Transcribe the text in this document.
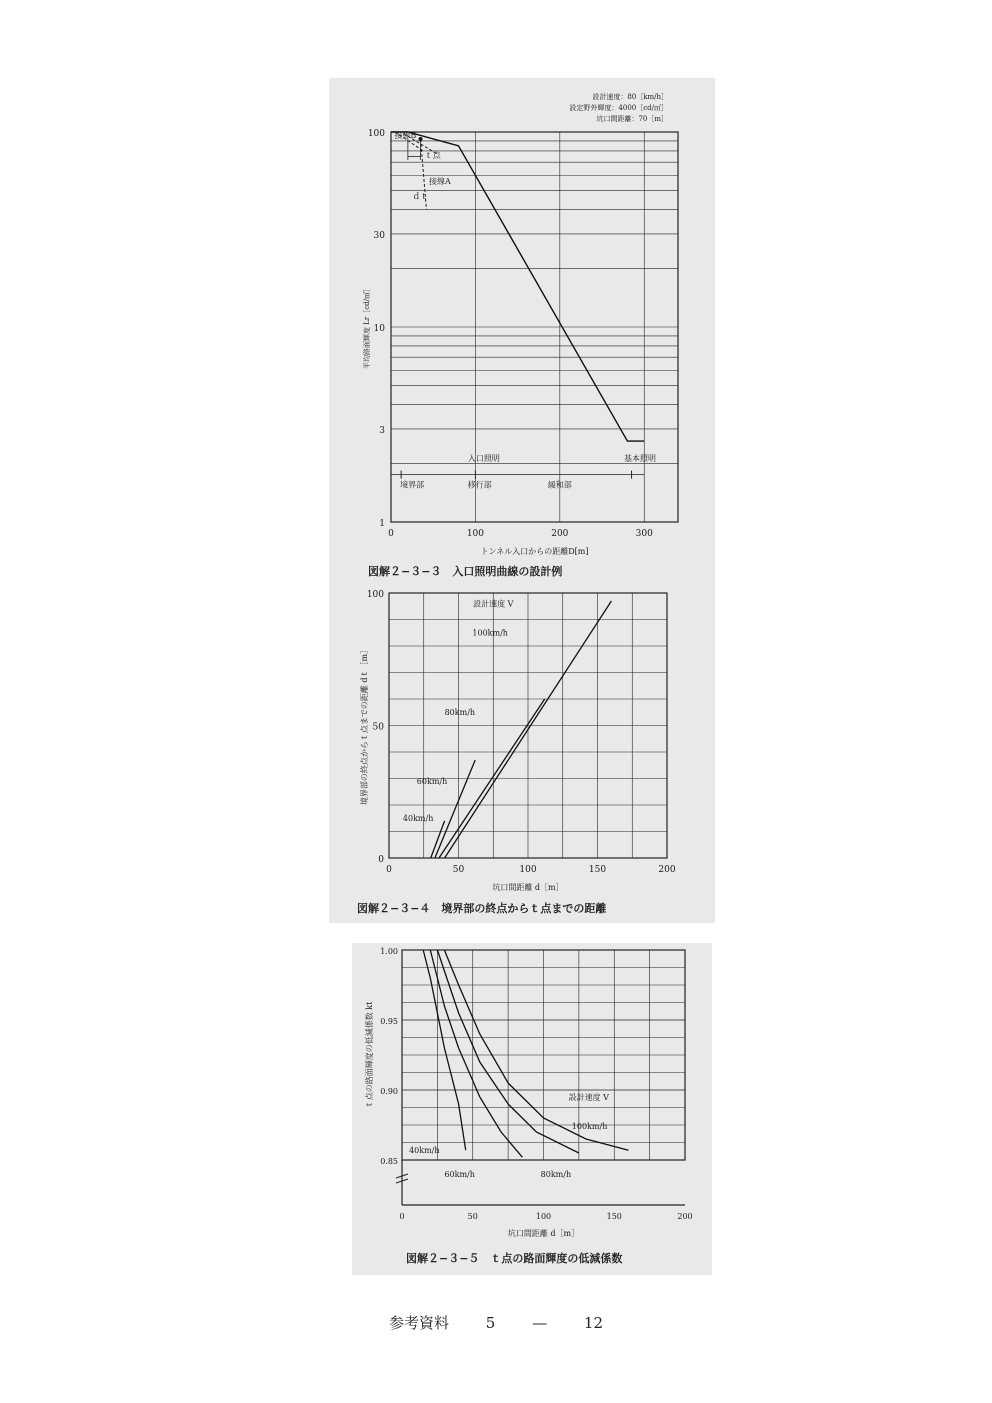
100
30
10
3
1
0	100	200	300
トンネル入口からの距離D[m]
平均路面輝度 Lr［cd/㎡］
設計速度：80［km/h］
設定野外輝度：4000［cd/㎡］
坑口間距離：70［m］
接線B
ｔ点
接線A
ｄｔ
入口照明	基本照明
境界部	移行部	緩和部
100
50
0
0	50	100	150	200
坑口間距離 d［m］
境界部の終点からｔ点までの距離 dｔ［m］
設計速度 V
40km/h
60km/h
80km/h
100km/h
1.00
0.95
0.90
0.85
0	50	100	150	200
坑口間距離 d［m］
ｔ点の路面輝度の低減係数 kt	設計速度 V
40km/h
60km/h	80km/h
100km/h
図解２−３−３　入口照明曲線の設計例
図解２−３−４　境界部の終点からｔ点までの距離
図解２−３−５　ｔ点の路面輝度の低減係数
参考資料 5 — 12
